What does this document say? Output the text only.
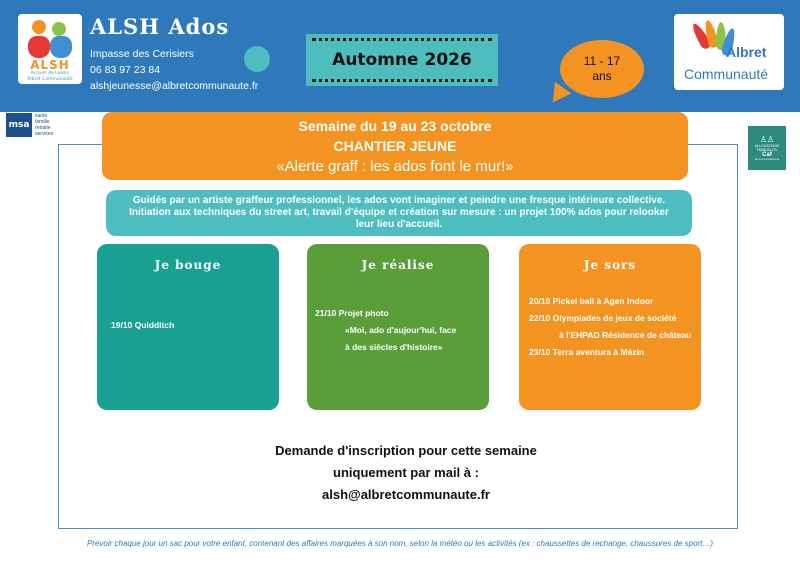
ALSH
Accueil de Loisirs
Albret Communauté
ALSH Ados
Impasse des Cerisiers
06 83 97 23 84
alshjeunesse@albretcommunaute.fr
Automne 2026	11 - 17
ans
Albret
Communauté
msa
santé
famille
retraite
services
♙♙
ALLOCATIONS FAMILIALES
Caf
du Lot-et-Garonne
Semaine du 19 au 23 octobre
CHANTIER JEUNE
«Alerte graff : les ados font le mur!»
Guidés par un artiste graffeur professionnel, les ados vont imaginer et peindre une fresque intérieure collective. Initiation aux techniques du street art, travail d'équipe et création sur mesure : un projet 100% ados pour relooker leur lieu d'accueil.
Je bouge
19/10 Quidditch
Je réalise
21/10 Projet photo
«Moi, ado d'aujour'hui, face
à des siècles d'histoire»
Je sors
20/10 Pickel ball à Agen Indoor
22/10 Olympiades de jeux de société
à l'EHPAD Résidence de château
23/10 Terra aventura à Mézin
Demande d'inscription pour cette semaine
uniquement par mail à :
alsh@albretcommunaute.fr
Prévoir chaque jour un sac pour votre enfant, contenant des affaires marquées à son nom, selon la météo ou les activités (ex : chaussettes de rechange, chaussures de sport…)
